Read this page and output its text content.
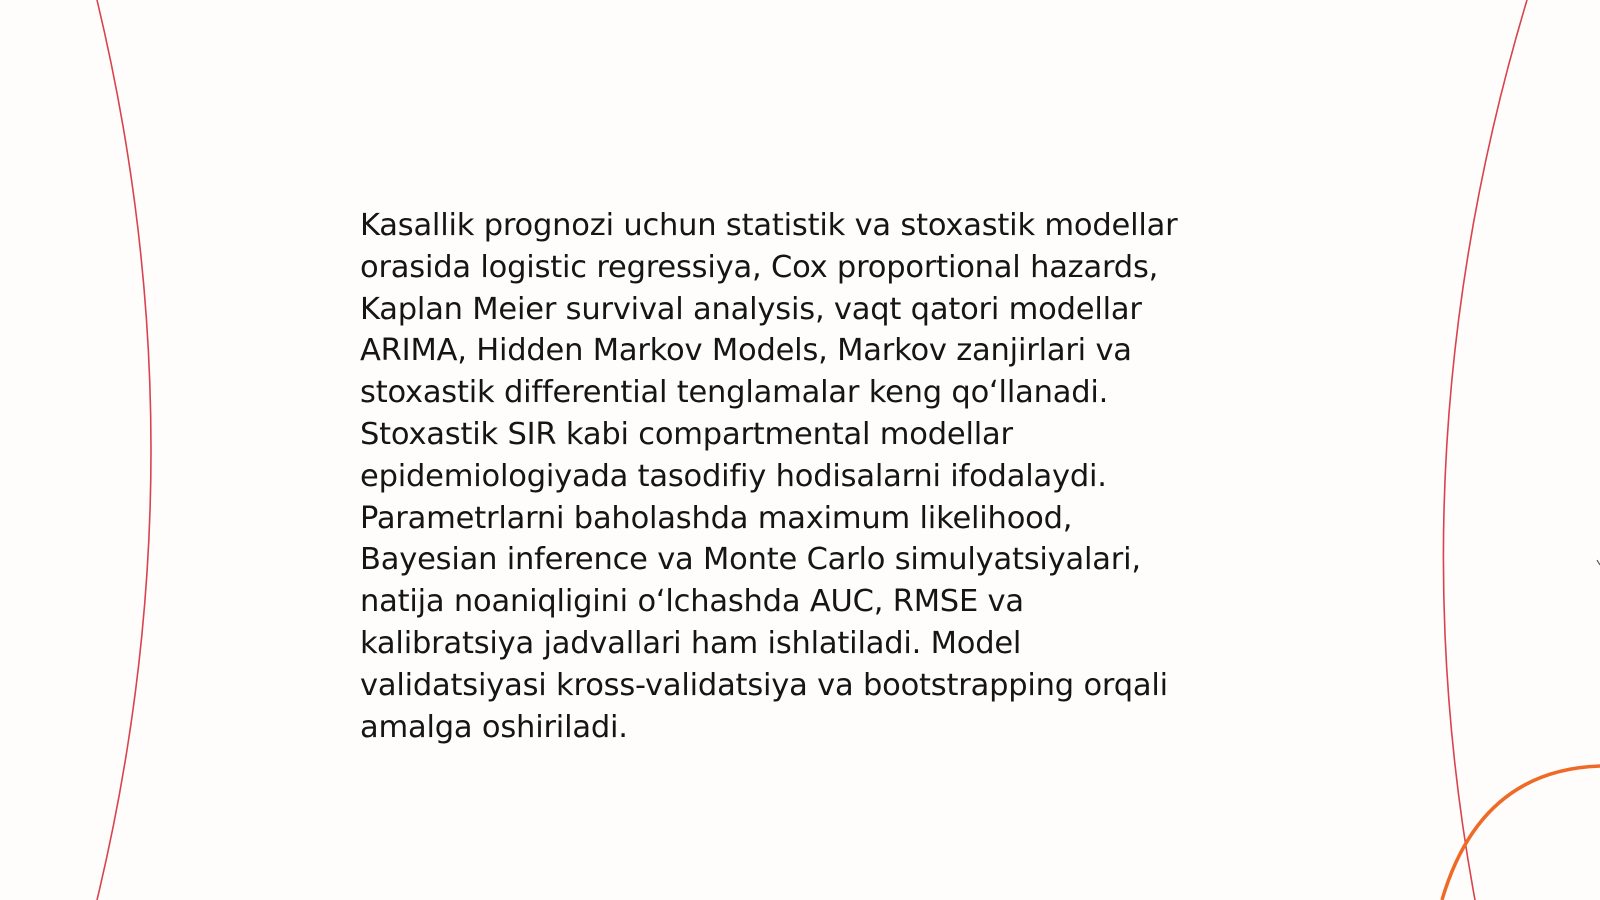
Kasallik prognozi uchun statistik va stoxastik modellar
orasida logistic regressiya, Cox proportional hazards,
Kaplan Meier survival analysis, vaqt qatori modellar
ARIMA, Hidden Markov Models, Markov zanjirlari va
stoxastik differential tenglamalar keng qo‘llanadi.
Stoxastik SIR kabi compartmental modellar
epidemiologiyada tasodifiy hodisalarni ifodalaydi.
Parametrlarni baholashda maximum likelihood,
Bayesian inference va Monte Carlo simulyatsiyalari,
natija noaniqligini o‘lchashda AUC, RMSE va
kalibratsiya jadvallari ham ishlatiladi. Model
validatsiyasi kross-validatsiya va bootstrapping orqali
amalga oshiriladi.
